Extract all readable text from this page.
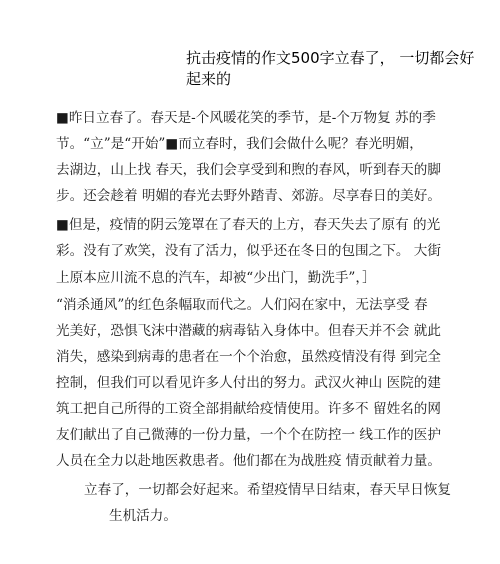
抗击疫情的作文500字立春了， 一切都会好起来的
■昨日立春了。春天是-个风暖花笑的季节，是-个万物复 苏的季
节。“立”是“开始”■而立春时，我们会做什么呢？春光明媚，
去湖边，山上找 春天，我们会享受到和煦的春风，听到春天的脚
步。还会趁着 明媚的春光去野外踏青、郊游。尽享春日的美好。
■但是，疫情的阴云笼罩在了春天的上方，春天失去了原有 的光
彩。没有了欢笑，没有了活力，似乎还在冬日的包围之下。 大街
上原本应川流不息的汽车，却被“少出门，勤洗手”，］
“消杀通风”的红色条幅取而代之。人们闷在家中，无法享受 春
光美好，恐惧飞沫中潜藏的病毒钻入身体中。但春天并不会 就此
消失，感染到病毒的患者在一个个治愈，虽然疫情没有得 到完全
控制，但我们可以看见许多人付出的努力。武汉火神山 医院的建
筑工把自己所得的工资全部捐献给疫情使用。许多不 留姓名的网
友们献出了自己微薄的一份力量，一个个在防控一 线工作的医护
人员在全力以赴地医救患者。他们都在为战胜疫 情贡献着力量。
立春了，一切都会好起来。希望疫情早日结束，春天早日恢复
生机活力。
